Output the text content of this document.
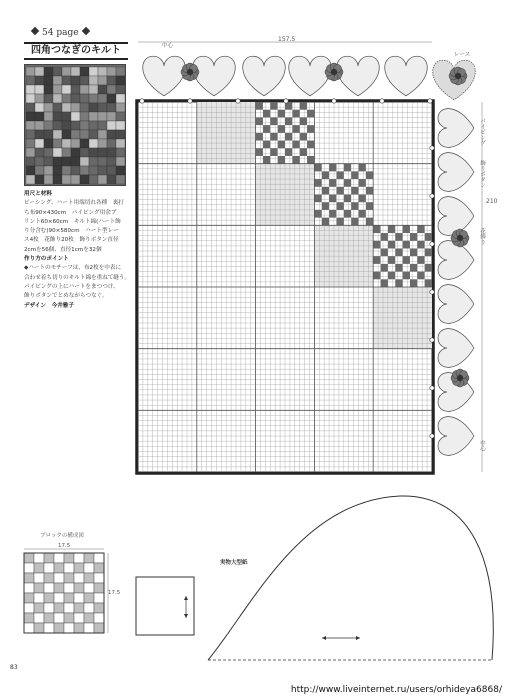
54 page
四角つなぎのキルト
用尺と材料
ピーシング、ハート用端切れ各種　裏打
ち布90×430cm　パイピング用余プ
リント60×60cm　キルト綿(ハート飾
り分含む)90×580cm　ハート型レー
ス4枚　花飾り20枚　飾りボタン直径
2cmを56個、直径1cmを32個
作り方のポイント
◆ハートのモチーフは、布2枚を中表に
合わせ着ち切りのキルト綿を重ねて縫う。
パイピングの上にハートをまつつけ、
飾りボタンでとめながらつなぐ。
デザイン　 今井雅子
157.5
中心
レース
210
パイピング
飾りボタン
花飾り
中心
ブロックの構成図
17.5
17.5
実物大型紙
83
http://www.liveinternet.ru/users/orhideya6868/
